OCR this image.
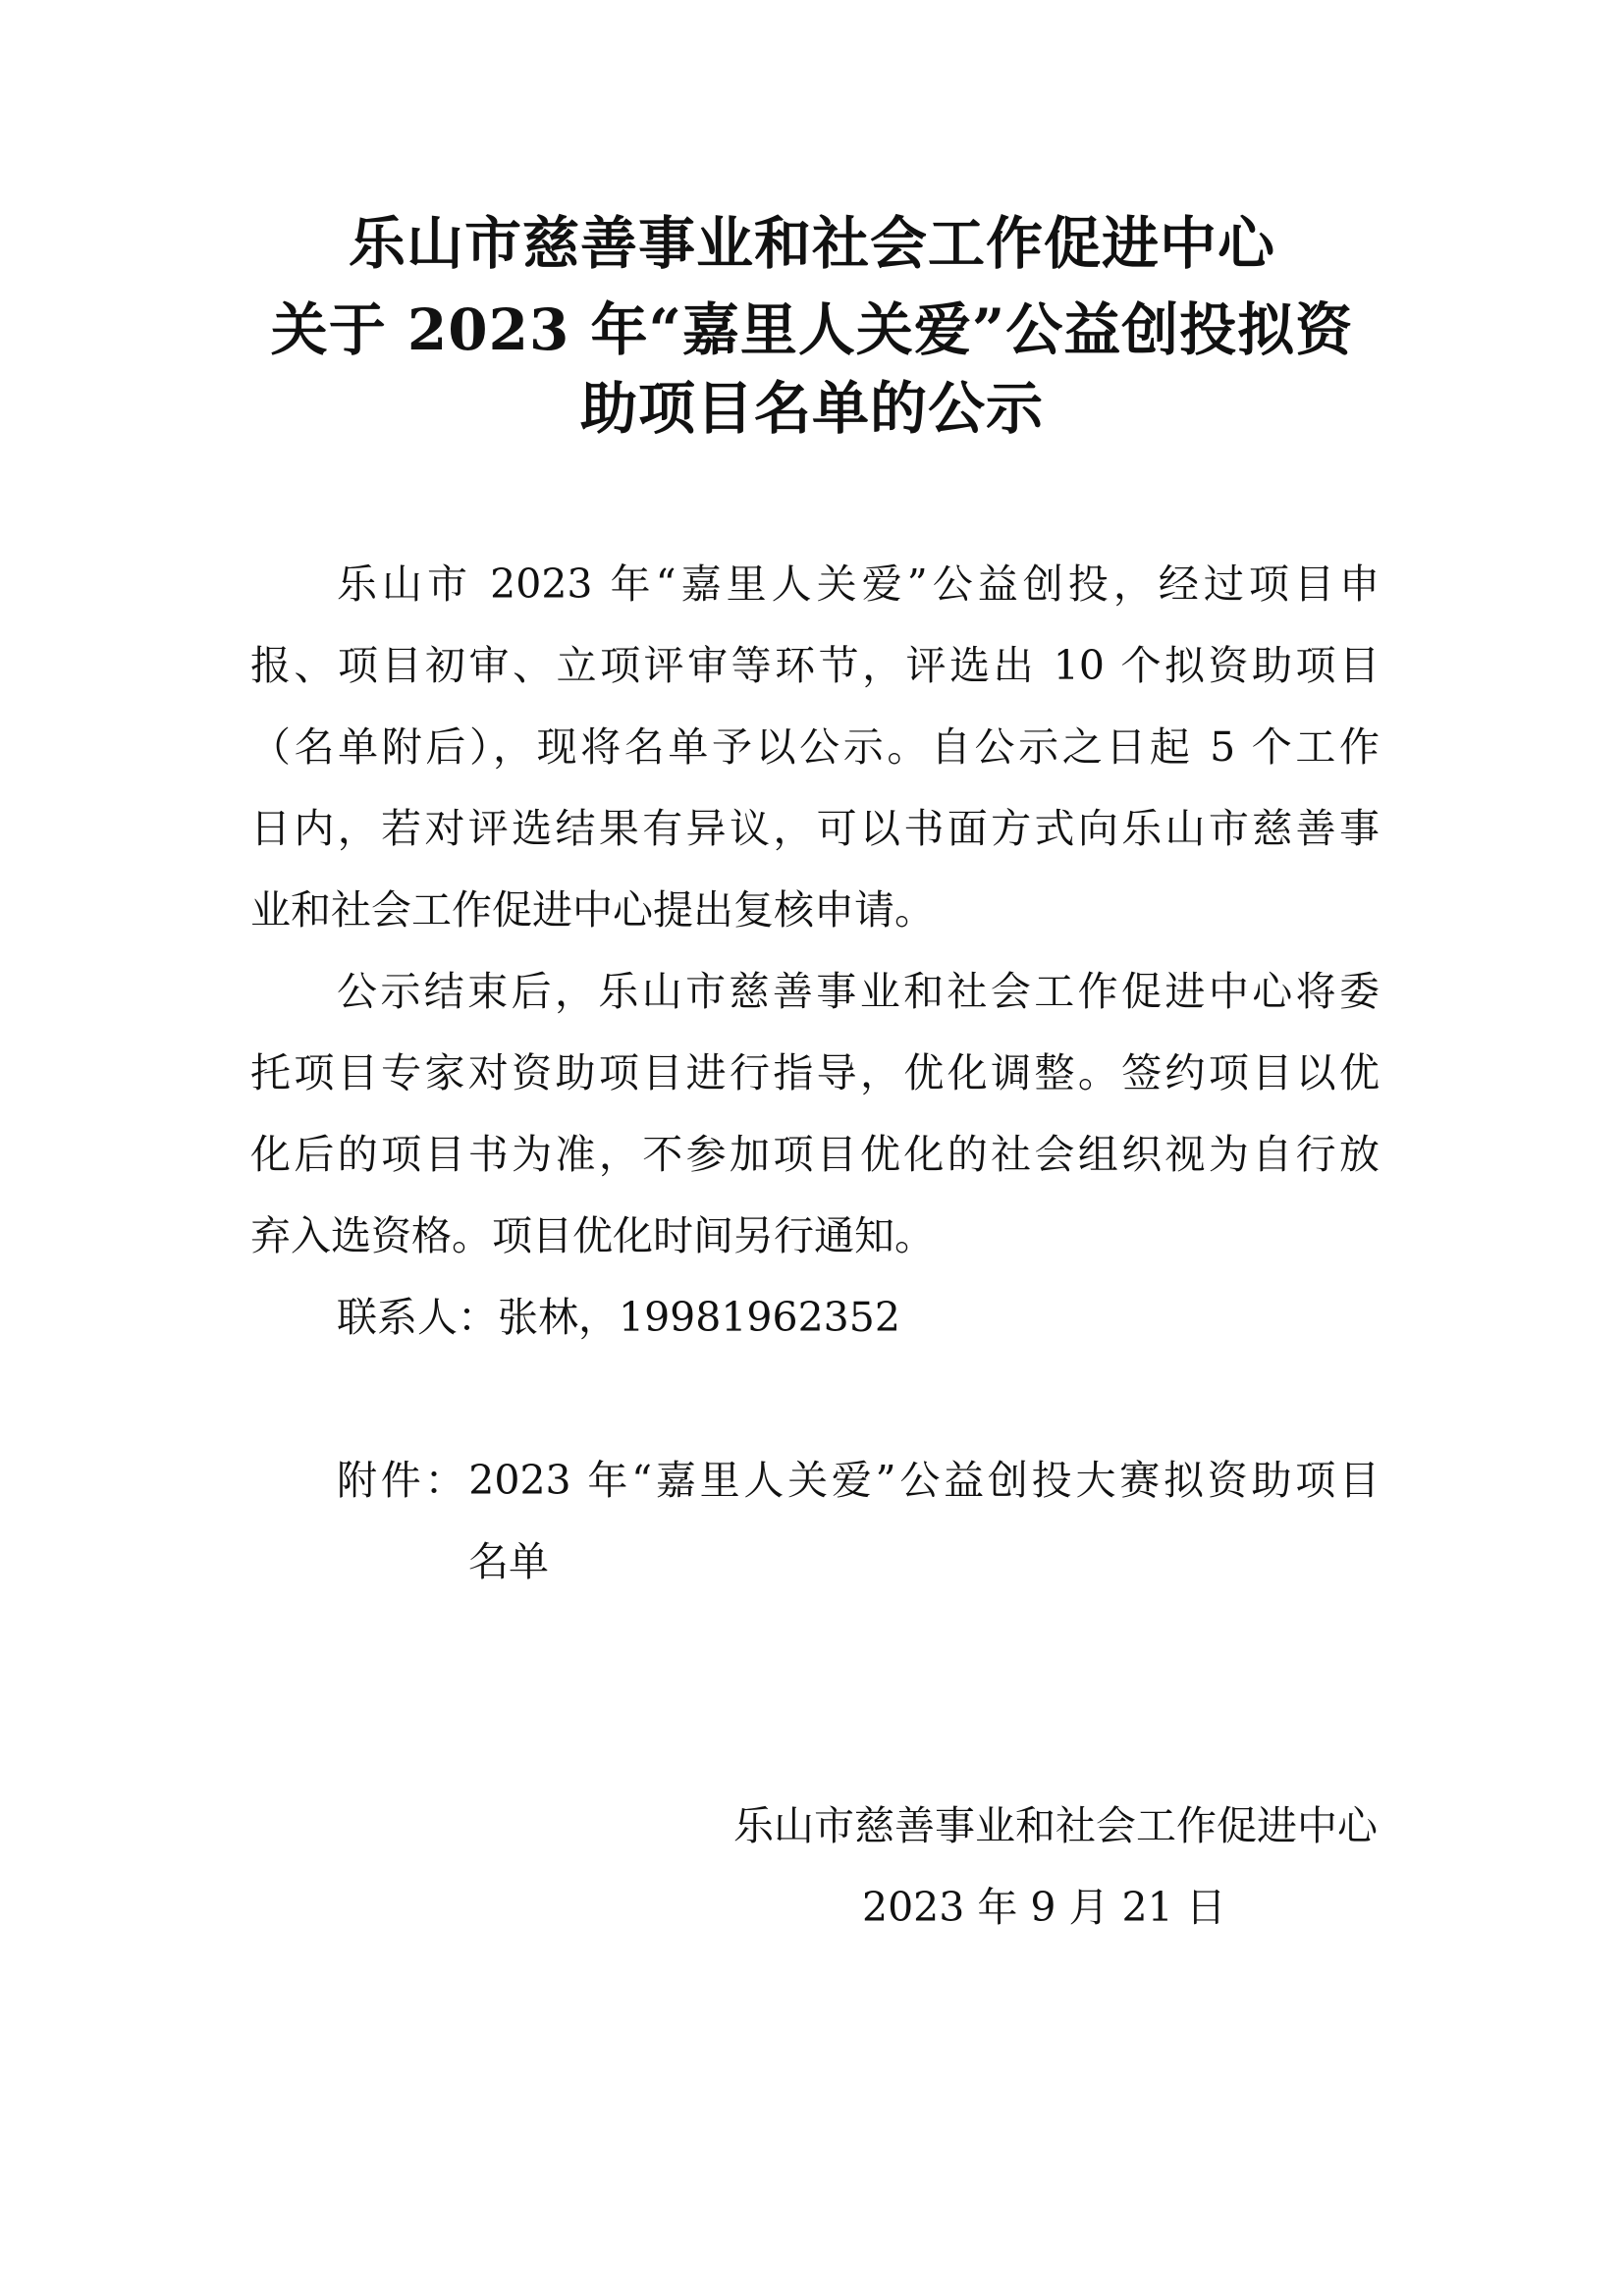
乐山市慈善事业和社会工作促进中心
关于 2023 年“嘉里人关爱”公益创投拟资
助项目名单的公示
乐山市 2023 年“嘉里人关爱”公益创投，经过项目申
报、项目初审、立项评审等环节，评选出 10 个拟资助项目
（名单附后），现将名单予以公示。自公示之日起 5 个工作
日内，若对评选结果有异议，可以书面方式向乐山市慈善事
业和社会工作促进中心提出复核申请。
公示结束后，乐山市慈善事业和社会工作促进中心将委
托项目专家对资助项目进行指导，优化调整。签约项目以优
化后的项目书为准，不参加项目优化的社会组织视为自行放
弃入选资格。项目优化时间另行通知。
联系人：张林，19981962352
附件：2023 年“嘉里人关爱”公益创投大赛拟资助项目
名单
乐山市慈善事业和社会工作促进中心
2023 年 9 月 21 日
